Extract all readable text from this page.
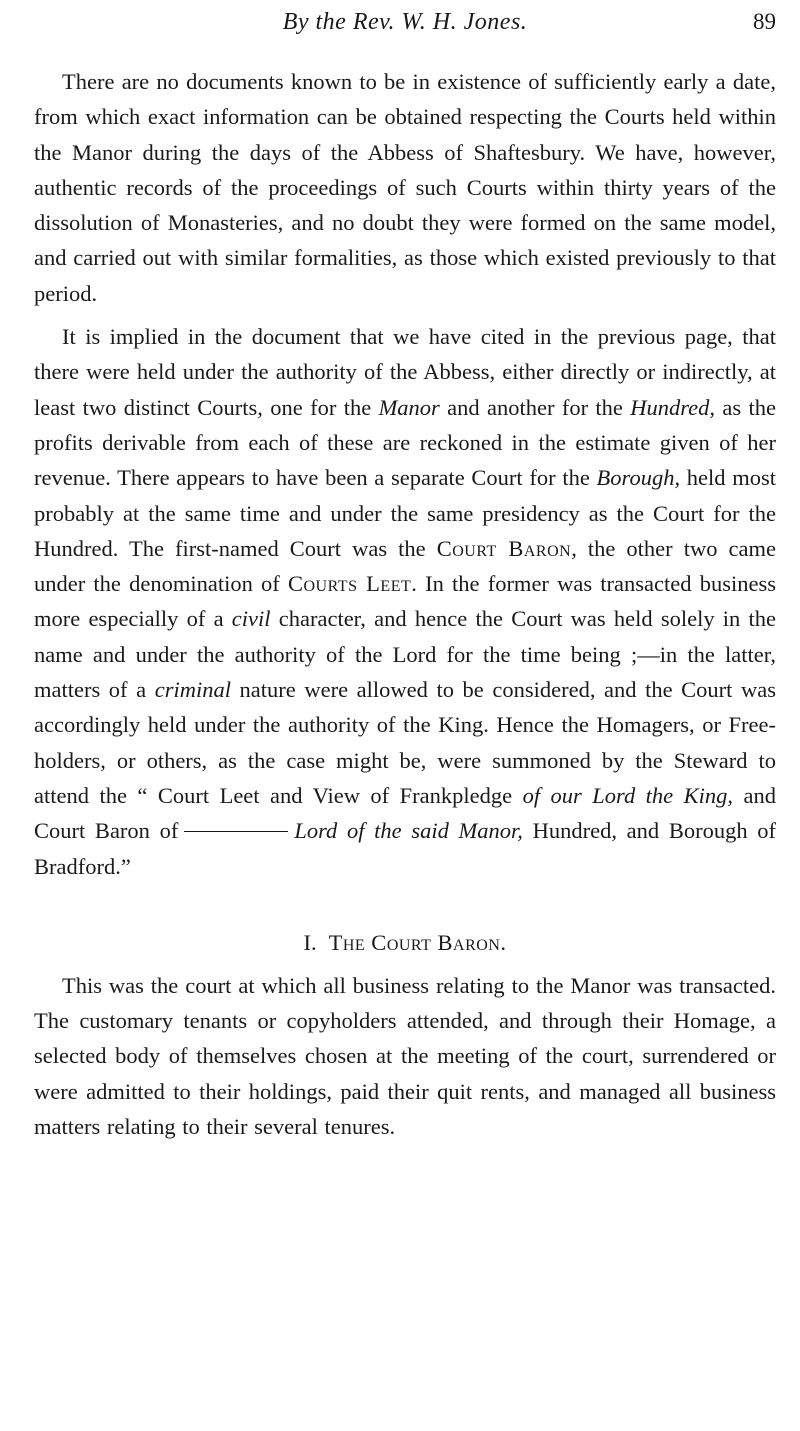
By the Rev. W. H. Jones.	89

There are no documents known to be in existence of sufficiently early a date, from which exact information can be obtained respecting the Courts held within the Manor during the days of the Abbess of Shaftesbury. We have, however, authentic records of the proceedings of such Courts within thirty years of the dissolution of Monasteries, and no doubt they were formed on the same model, and carried out with similar formalities, as those which existed previously to that period.

It is implied in the document that we have cited in the previous page, that there were held under the authority of the Abbess, either directly or indirectly, at least two distinct Courts, one for the Manor and another for the Hundred, as the profits derivable from each of these are reckoned in the estimate given of her revenue. There appears to have been a separate Court for the Borough, held most probably at the same time and under the same presidency as the Court for the Hundred. The first-named Court was the Court Baron, the other two came under the denomination of Courts Leet. In the former was transacted business more especially of a civil character, and hence the Court was held solely in the name and under the authority of the Lord for the time being ;—in the latter, matters of a criminal nature were allowed to be considered, and the Court was accordingly held under the authority of the King. Hence the Homagers, or Free-holders, or others, as the case might be, were summoned by the Steward to attend the “ Court Leet and View of Frankpledge of our Lord the King, and Court Baron of	Lord of the said Manor, Hundred, and Borough of Bradford.”

I. The Court Baron.

This was the court at which all business relating to the Manor was transacted. The customary tenants or copyholders attended, and through their Homage, a selected body of themselves chosen at the meeting of the court, surrendered or were admitted to their holdings, paid their quit rents, and managed all business matters relating to their several tenures.
